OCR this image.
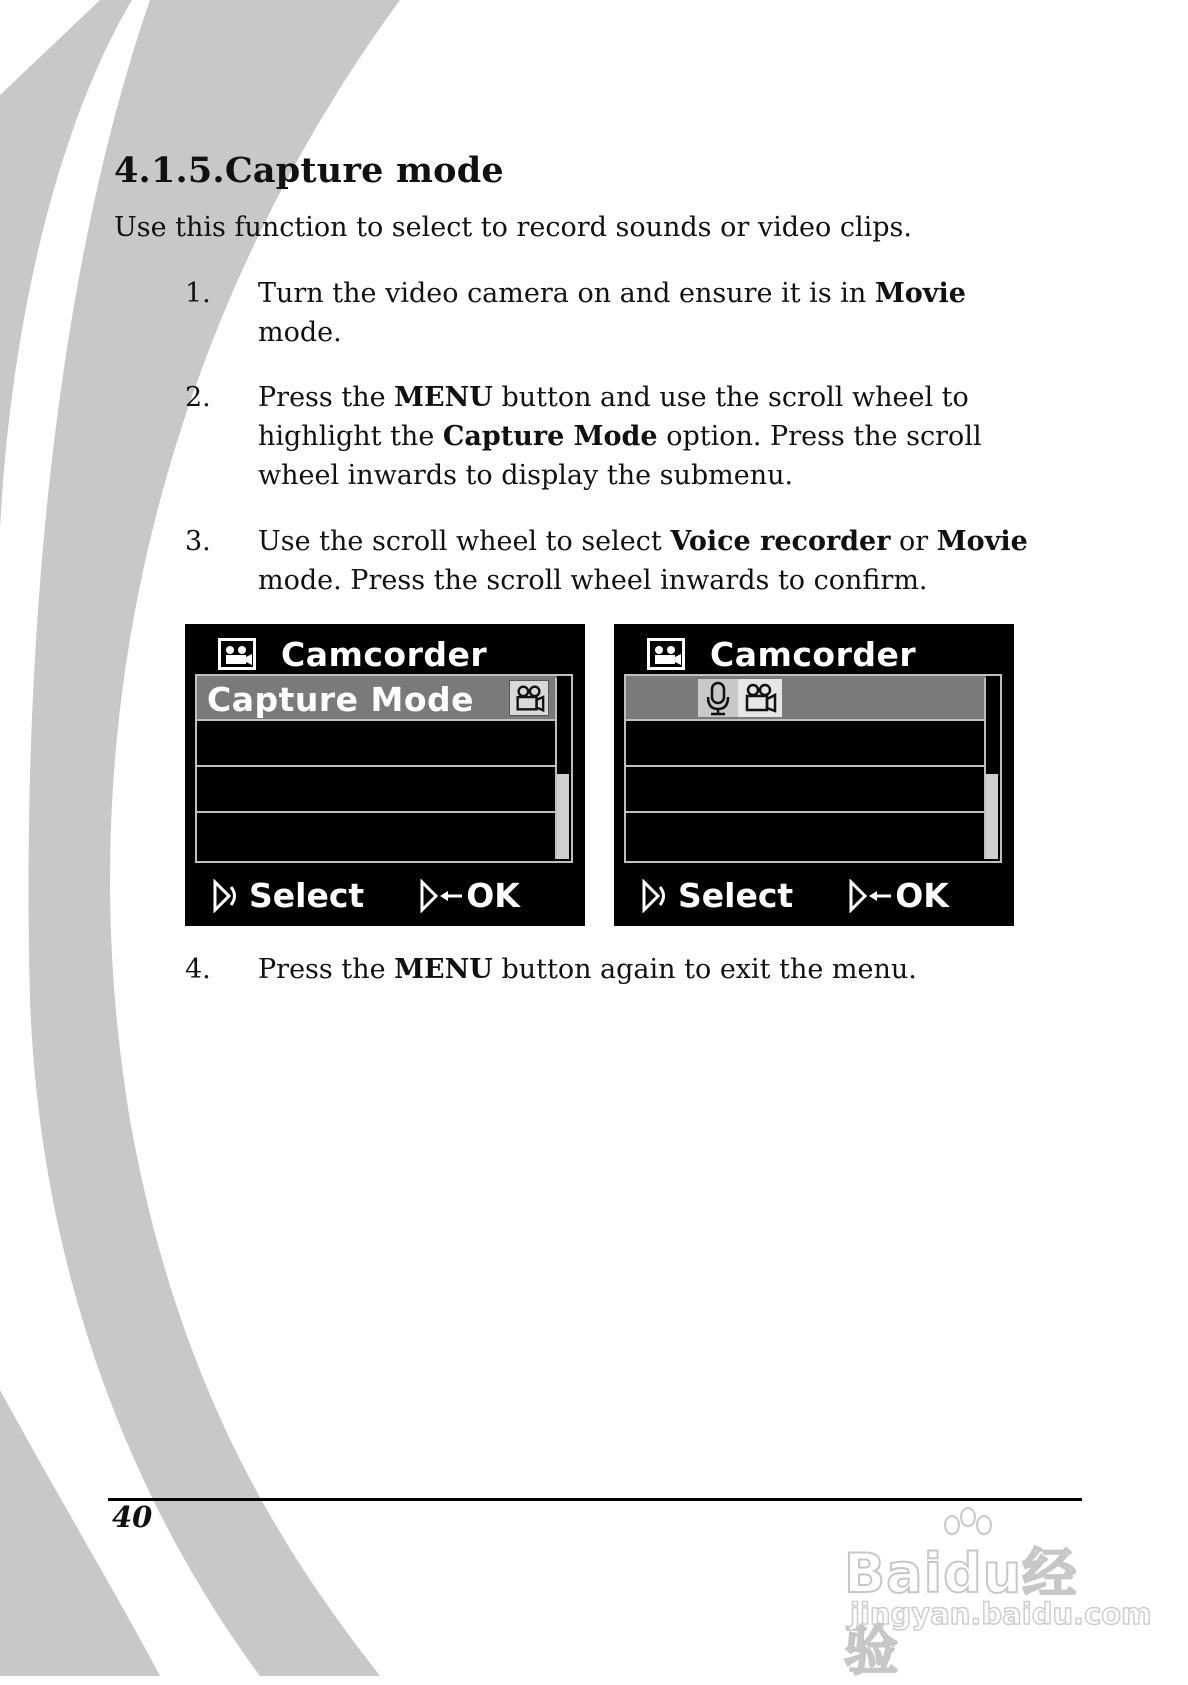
4.1.5.Capture mode

Use this function to select to record sounds or video clips.

1. Turn the video camera on and ensure it is in Movie
mode.
2. Press the MENU button and use the scroll wheel to highlight the Capture Mode option. Press the scroll wheel inwards to display the submenu.
3. Use the scroll wheel to select Voice recorder or Movie mode. Press the scroll wheel inwards to confirm.
Camcorder
Capture Mode
Select	OK
Camcorder
Select	OK
4. Press the MENU button again to exit the menu.
40
Baidu经验
jingyan.baidu.com
